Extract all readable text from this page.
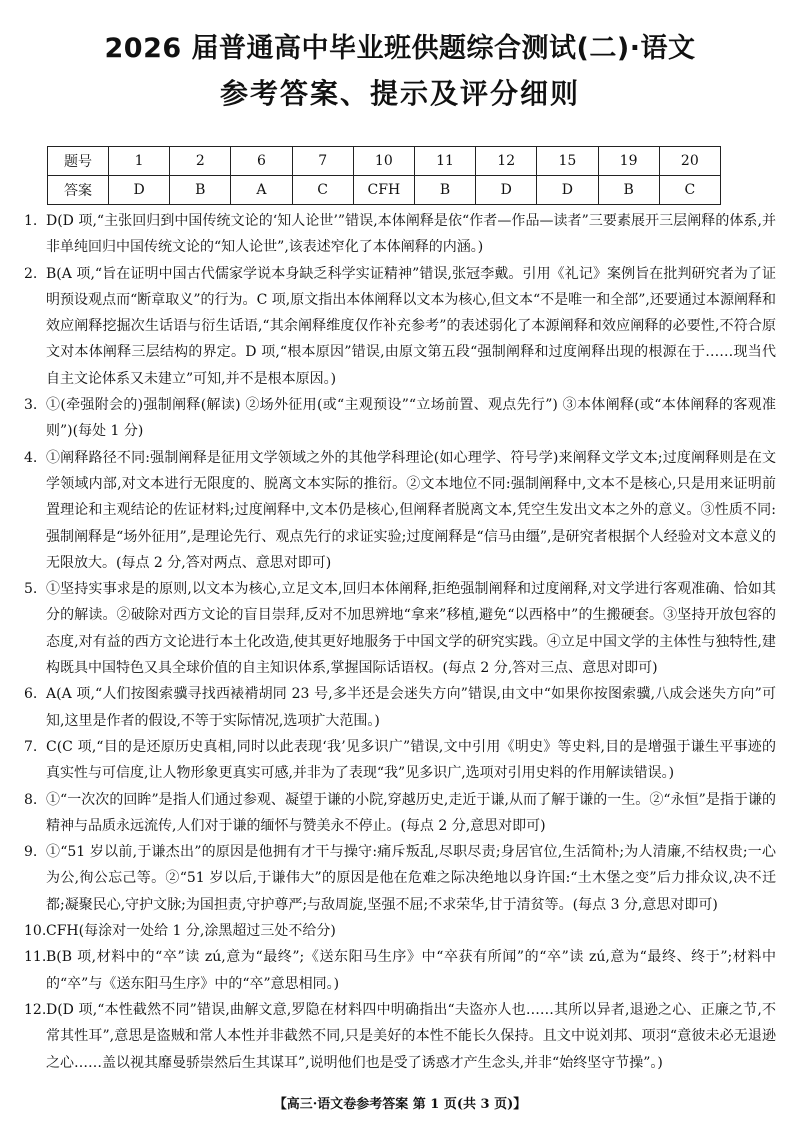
2026 届普通高中毕业班供题综合测试(二)·语文
参考答案、提示及评分细则
题号	1	2	6	7	10	11	12	15	19	20
答案	D	B	A	C	CFH	B	D	D	B	C
1. D(D 项,“主张回归到中国传统文论的‘知人论世’”错误,本体阐释是依“作者—作品—读者”三要素展开三层阐释的体系,并非单纯回归中国传统文论的“知人论世”,该表述窄化了本体阐释的内涵。)
2. B(A 项,“旨在证明中国古代儒家学说本身缺乏科学实证精神”错误,张冠李戴。引用《礼记》案例旨在批判研究者为了证明预设观点而“断章取义”的行为。C 项,原文指出本体阐释以文本为核心,但文本“不是唯一和全部”,还要通过本源阐释和效应阐释挖掘次生话语与衍生话语,“其余阐释维度仅作补充参考”的表述弱化了本源阐释和效应阐释的必要性,不符合原文对本体阐释三层结构的界定。D 项,“根本原因”错误,由原文第五段“强制阐释和过度阐释出现的根源在于……现当代自主文论体系又未建立”可知,并不是根本原因。)
3. ①(牵强附会的)强制阐释(解读) ②场外征用(或“主观预设”“立场前置、观点先行”) ③本体阐释(或“本体阐释的客观准则”)(每处 1 分)
4. ①阐释路径不同:强制阐释是征用文学领域之外的其他学科理论(如心理学、符号学)来阐释文学文本;过度阐释则是在文学领域内部,对文本进行无限度的、脱离文本实际的推衍。②文本地位不同:强制阐释中,文本不是核心,只是用来证明前置理论和主观结论的佐证材料;过度阐释中,文本仍是核心,但阐释者脱离文本,凭空生发出文本之外的意义。③性质不同:强制阐释是“场外征用”,是理论先行、观点先行的求证实验;过度阐释是“信马由缰”,是研究者根据个人经验对文本意义的无限放大。(每点 2 分,答对两点、意思对即可)
5. ①坚持实事求是的原则,以文本为核心,立足文本,回归本体阐释,拒绝强制阐释和过度阐释,对文学进行客观准确、恰如其分的解读。②破除对西方文论的盲目崇拜,反对不加思辨地“拿来”移植,避免“以西格中”的生搬硬套。③坚持开放包容的态度,对有益的西方文论进行本土化改造,使其更好地服务于中国文学的研究实践。④立足中国文学的主体性与独特性,建构既具中国特色又具全球价值的自主知识体系,掌握国际话语权。(每点 2 分,答对三点、意思对即可)
6. A(A 项,“人们按图索骥寻找西裱褙胡同 23 号,多半还是会迷失方向”错误,由文中“如果你按图索骥,八成会迷失方向”可知,这里是作者的假设,不等于实际情况,选项扩大范围。)
7. C(C 项,“目的是还原历史真相,同时以此表现‘我’见多识广”错误,文中引用《明史》等史料,目的是增强于谦生平事迹的真实性与可信度,让人物形象更真实可感,并非为了表现“我”见多识广,选项对引用史料的作用解读错误。)
8. ①“一次次的回眸”是指人们通过参观、凝望于谦的小院,穿越历史,走近于谦,从而了解于谦的一生。②“永恒”是指于谦的精神与品质永远流传,人们对于谦的缅怀与赞美永不停止。(每点 2 分,意思对即可)
9. ①“51 岁以前,于谦杰出”的原因是他拥有才干与操守:痛斥叛乱,尽职尽责;身居官位,生活简朴;为人清廉,不结权贵;一心为公,徇公忘己等。②“51 岁以后,于谦伟大”的原因是他在危难之际决绝地以身许国:“土木堡之变”后力排众议,决不迁都;凝聚民心,守护文脉;为国担责,守护尊严;与敌周旋,坚强不屈;不求荣华,甘于清贫等。(每点 3 分,意思对即可)
10. CFH(每涂对一处给 1 分,涂黑超过三处不给分)
11. B(B 项,材料中的“卒”读 zú,意为“最终”;《送东阳马生序》中“卒获有所闻”的“卒”读 zú,意为“最终、终于”;材料中的“卒”与《送东阳马生序》中的“卒”意思相同。)
12. D(D 项,“本性截然不同”错误,曲解文意,罗隐在材料四中明确指出“夫盗亦人也……其所以异者,退逊之心、正廉之节,不常其性耳”,意思是盗贼和常人本性并非截然不同,只是美好的本性不能长久保持。且文中说刘邦、项羽“意彼未必无退逊之心……盖以视其靡曼骄崇然后生其谋耳”,说明他们也是受了诱惑才产生念头,并非“始终坚守节操”。)
【高三·语文卷参考答案 第 1 页(共 3 页)】
